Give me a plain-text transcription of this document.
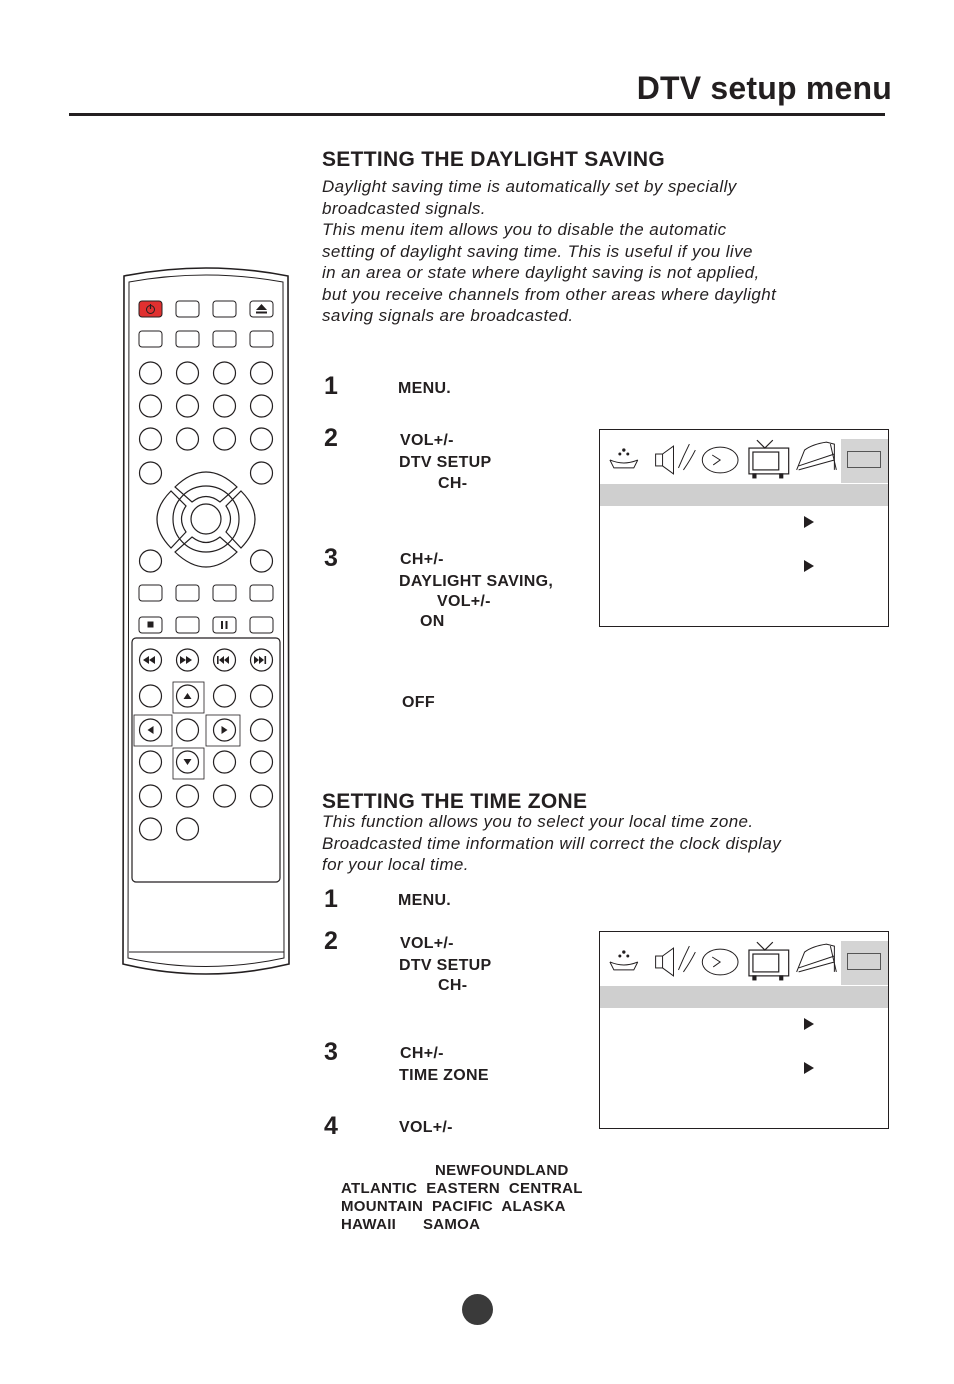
DTV setup menu
SETTING THE DAYLIGHT SAVING
Daylight saving time is automatically set by specially
broadcasted signals.
This menu item allows you to disable the automatic
setting of daylight saving time. This is useful if you live
in an area or state where daylight saving is not applied,
but you receive channels from other areas where daylight
saving signals are broadcasted.
1	MENU.
2	VOL+/-
DTV SETUP
CH-
3	CH+/-
DAYLIGHT SAVING,
VOL+/-
ON
OFF
SETTING THE TIME ZONE
This function allows you to select your local time zone.
Broadcasted time information will correct the clock display
for your local time.
1	MENU.
2	VOL+/-
DTV SETUP
CH-
3	CH+/-
TIME ZONE
4	VOL+/-
NEWFOUNDLAND
ATLANTIC  EASTERN  CENTRAL
MOUNTAIN  PACIFIC  ALASKA
HAWAII      SAMOA
